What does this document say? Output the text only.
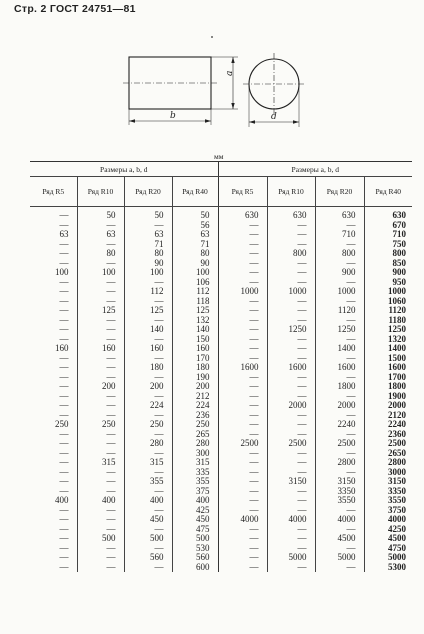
Стр. 2 ГОСТ 24751—81
b
a
d
мм
Размеры a, b, d				Размеры a, b, d			
Ряд R5	Ряд R10	Ряд R20	Ряд R40	Ряд R5	Ряд R10	Ряд R20	Ряд R40
—	50	50	50	630	630	630	630
—	—	—	56	—	—	—	670
63	63	63	63	—	—	710	710
—	—	71	71	—	—	—	750
—	80	80	80	—	800	800	800
—	—	90	90	—	—	—	850
100	100	100	100	—	—	900	900
—	—	—	106	—	—	—	950
—	—	112	112	1000	1000	1000	1000
—	—	—	118	—	—	—	1060
—	125	125	125	—	—	1120	1120
—	—	—	132	—	—	—	1180
—	—	140	140	—	1250	1250	1250
—	—	—	150	—	—	—	1320
160	160	160	160	—	—	1400	1400
—	—	—	170	—	—	—	1500
—	—	180	180	1600	1600	1600	1600
—	—	—	190	—	—	—	1700
—	200	200	200	—	—	1800	1800
—	—	—	212	—	—	—	1900
—	—	224	224	—	2000	2000	2000
—	—	—	236	—	—	—	2120
250	250	250	250	—	—	2240	2240
—	—	—	265	—	—	—	2360
—	—	280	280	2500	2500	2500	2500
—	—	—	300	—	—	—	2650
—	315	315	315	—	—	2800	2800
—	—	—	335	—	—	—	3000
—	—	355	355	—	3150	3150	3150
—	—	—	375	—	—	3350	3350
400	400	400	400	—	—	3550	3550
—	—	—	425	—	—	—	3750
—	—	450	450	4000	4000	4000	4000
—	—	—	475	—	—	—	4250
—	500	500	500	—	—	4500	4500
—	—	—	530	—	—	—	4750
—	—	560	560	—	5000	5000	5000
—	—	—	600	—	—	—	5300
